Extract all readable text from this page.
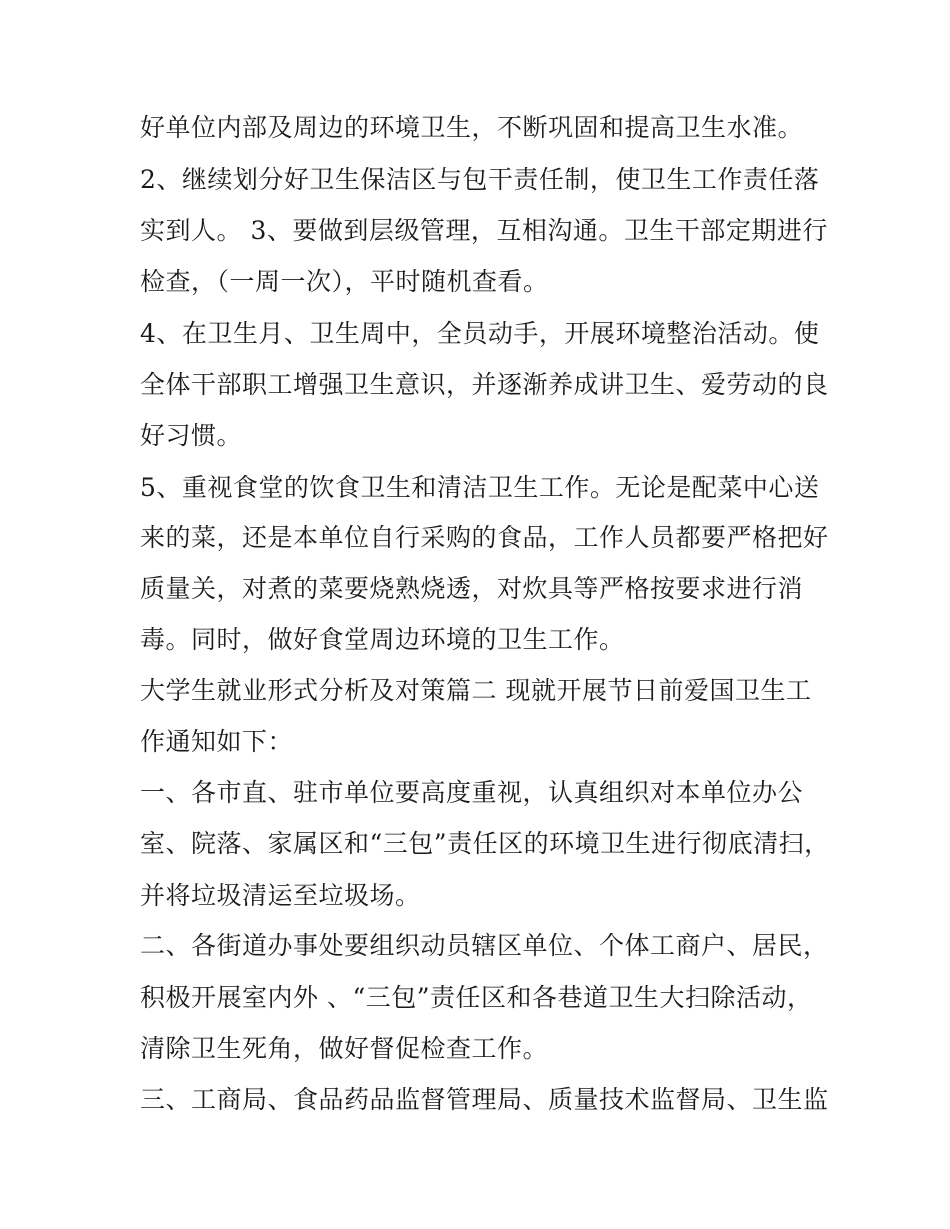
好单位内部及周边的环境卫生，不断巩固和提高卫生水准。
2、继续划分好卫生保洁区与包干责任制，使卫生工作责任落
实到人。 3、要做到层级管理，互相沟通。卫生干部定期进行
检查，（一周一次），平时随机查看。
4、在卫生月、卫生周中，全员动手，开展环境整治活动。使
全体干部职工增强卫生意识，并逐渐养成讲卫生、爱劳动的良
好习惯。
5、重视食堂的饮食卫生和清洁卫生工作。无论是配菜中心送
来的菜，还是本单位自行采购的食品，工作人员都要严格把好
质量关，对煮的菜要烧熟烧透，对炊具等严格按要求进行消
毒。同时，做好食堂周边环境的卫生工作。
大学生就业形式分析及对策篇二 现就开展节日前爱国卫生工
作通知如下：
一、各市直、驻市单位要高度重视，认真组织对本单位办公
室、院落、家属区和“三包”责任区的环境卫生进行彻底清扫，
并将垃圾清运至垃圾场。
二、各街道办事处要组织动员辖区单位、个体工商户、居民，
积极开展室内外 、“三包”责任区和各巷道卫生大扫除活动，
清除卫生死角，做好督促检查工作。
三、工商局、食品药品监督管理局、质量技术监督局、卫生监
